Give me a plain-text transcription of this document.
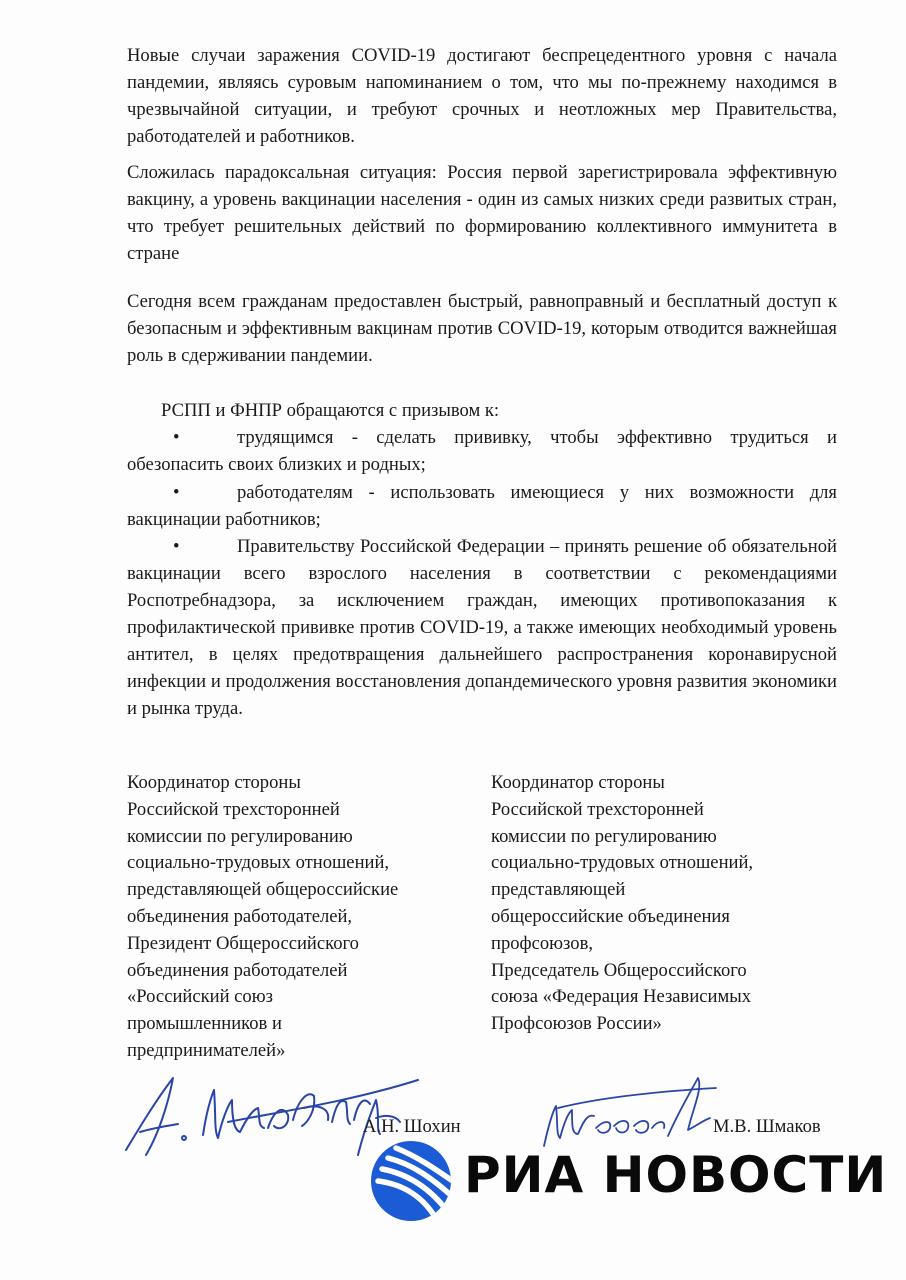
Новые случаи заражения COVID-19 достигают беспрецедентного уровня с начала пандемии, являясь суровым напоминанием о том, что мы по-прежнему находимся в чрезвычайной ситуации, и требуют срочных и неотложных мер Правительства, работодателей и работников.

Сложилась парадоксальная ситуация: Россия первой зарегистрировала эффективную вакцину, а уровень вакцинации населения - один из самых низких среди развитых стран, что требует решительных действий по формированию коллективного иммунитета в стране

Сегодня всем гражданам предоставлен быстрый, равноправный и бесплатный доступ к безопасным и эффективным вакцинам против COVID-19, которым отводится важнейшая роль в сдерживании пандемии.

РСПП и ФНПР обращаются с призывом к:

•	трудящимся - сделать прививку, чтобы эффективно трудиться и обезопасить своих близких и родных;

•	работодателям - использовать имеющиеся у них возможности для вакцинации работников;

•	Правительству Российской Федерации – принять решение об обязательной вакцинации всего взрослого населения в соответствии с рекомендациями Роспотребнадзора, за исключением граждан, имеющих противопоказания к профилактической прививке против COVID-19, а также имеющих необходимый уровень антител, в целях предотвращения дальнейшего распространения коронавирусной инфекции и продолжения восстановления допандемического уровня развития экономики и рынка труда.

Координатор стороны
Российской трехсторонней
комиссии по регулированию
социально-трудовых отношений,
представляющей общероссийские
объединения работодателей,
Президент Общероссийского
объединения работодателей
«Российский союз
промышленников и
предпринимателей»
Координатор стороны
Российской трехсторонней
комиссии по регулированию
социально-трудовых отношений,
представляющей
общероссийские объединения
профсоюзов,
Председатель Общероссийского
союза «Федерация Независимых
Профсоюзов России»
А.Н. Шохин	М.В. Шмаков
РИА НОВОСТИ
